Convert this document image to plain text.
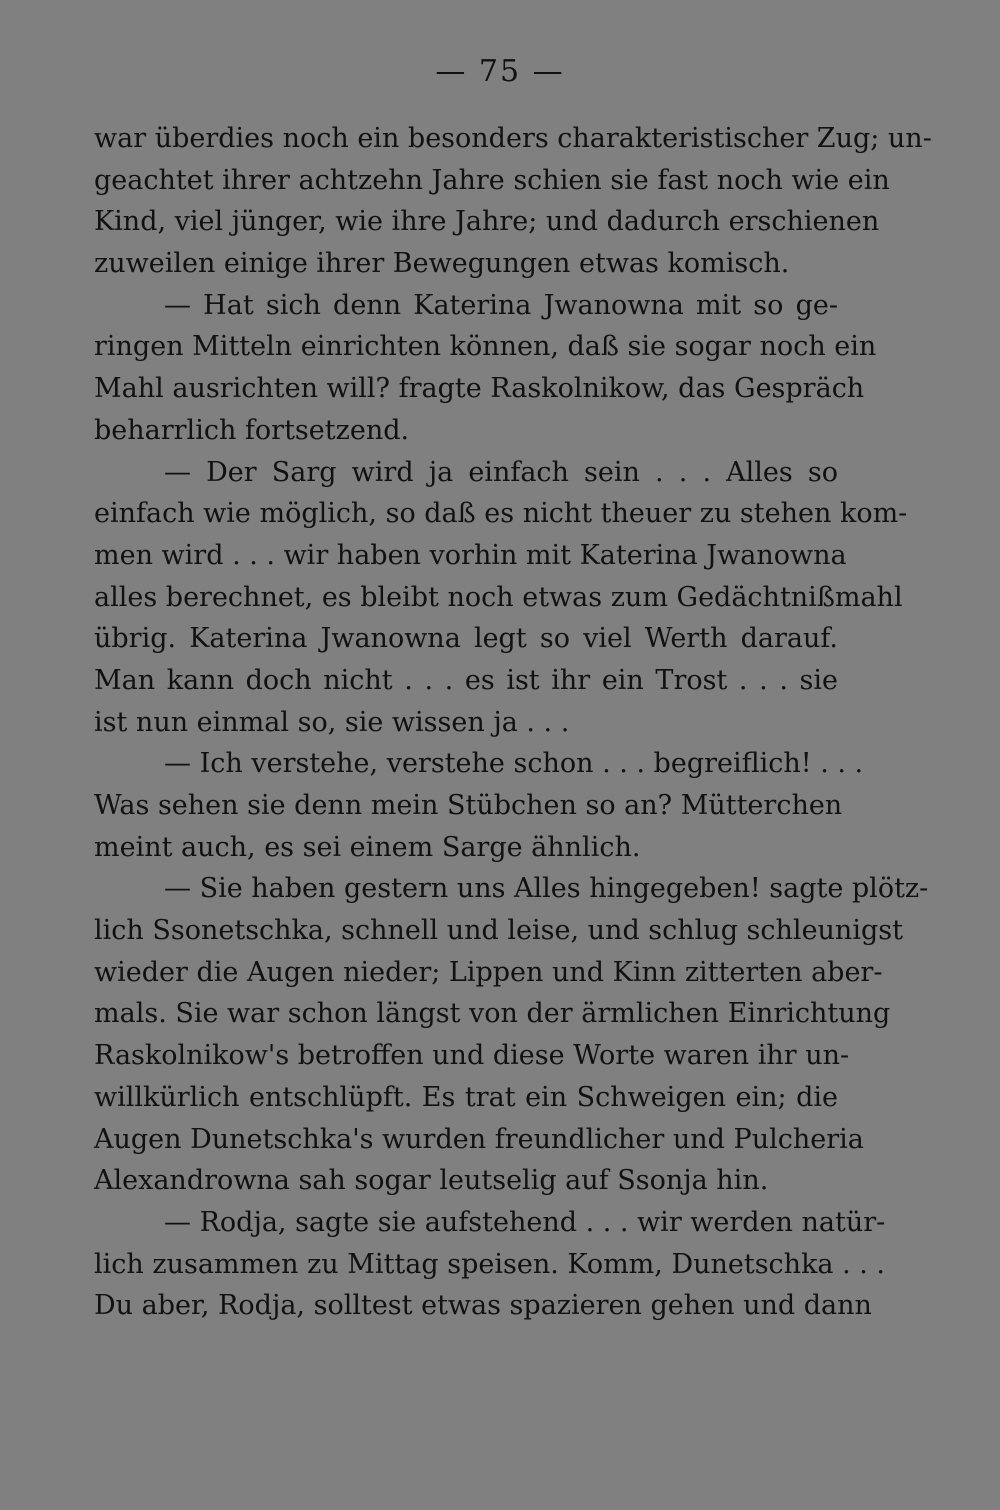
— 75 —
war überdies noch ein besonders charakteristischer Zug; un-
geachtet ihrer achtzehn Jahre schien sie fast noch wie ein
Kind, viel jünger, wie ihre Jahre; und dadurch erschienen
zuweilen einige ihrer Bewegungen etwas komisch.
— Hat sich denn Katerina Jwanowna mit so ge-
ringen Mitteln einrichten können, daß sie sogar noch ein
Mahl ausrichten will? fragte Raskolnikow, das Gespräch
beharrlich fortsetzend.
— Der Sarg wird ja einfach sein . . . Alles so
einfach wie möglich, so daß es nicht theuer zu stehen kom-
men wird . . . wir haben vorhin mit Katerina Jwanowna
alles berechnet, es bleibt noch etwas zum Gedächtnißmahl
übrig. Katerina Jwanowna legt so viel Werth darauf.
Man kann doch nicht . . . es ist ihr ein Trost . . . sie
ist nun einmal so, sie wissen ja . . .
— Ich verstehe, verstehe schon . . . begreiflich! . . .
Was sehen sie denn mein Stübchen so an? Mütterchen
meint auch, es sei einem Sarge ähnlich.
— Sie haben gestern uns Alles hingegeben! sagte plötz-
lich Ssonetschka, schnell und leise, und schlug schleunigst
wieder die Augen nieder; Lippen und Kinn zitterten aber-
mals. Sie war schon längst von der ärmlichen Einrichtung
Raskolnikow's betroffen und diese Worte waren ihr un-
willkürlich entschlüpft. Es trat ein Schweigen ein; die
Augen Dunetschka's wurden freundlicher und Pulcheria
Alexandrowna sah sogar leutselig auf Ssonja hin.
— Rodja, sagte sie aufstehend . . . wir werden natür-
lich zusammen zu Mittag speisen. Komm, Dunetschka . . .
Du aber, Rodja, solltest etwas spazieren gehen und dann
